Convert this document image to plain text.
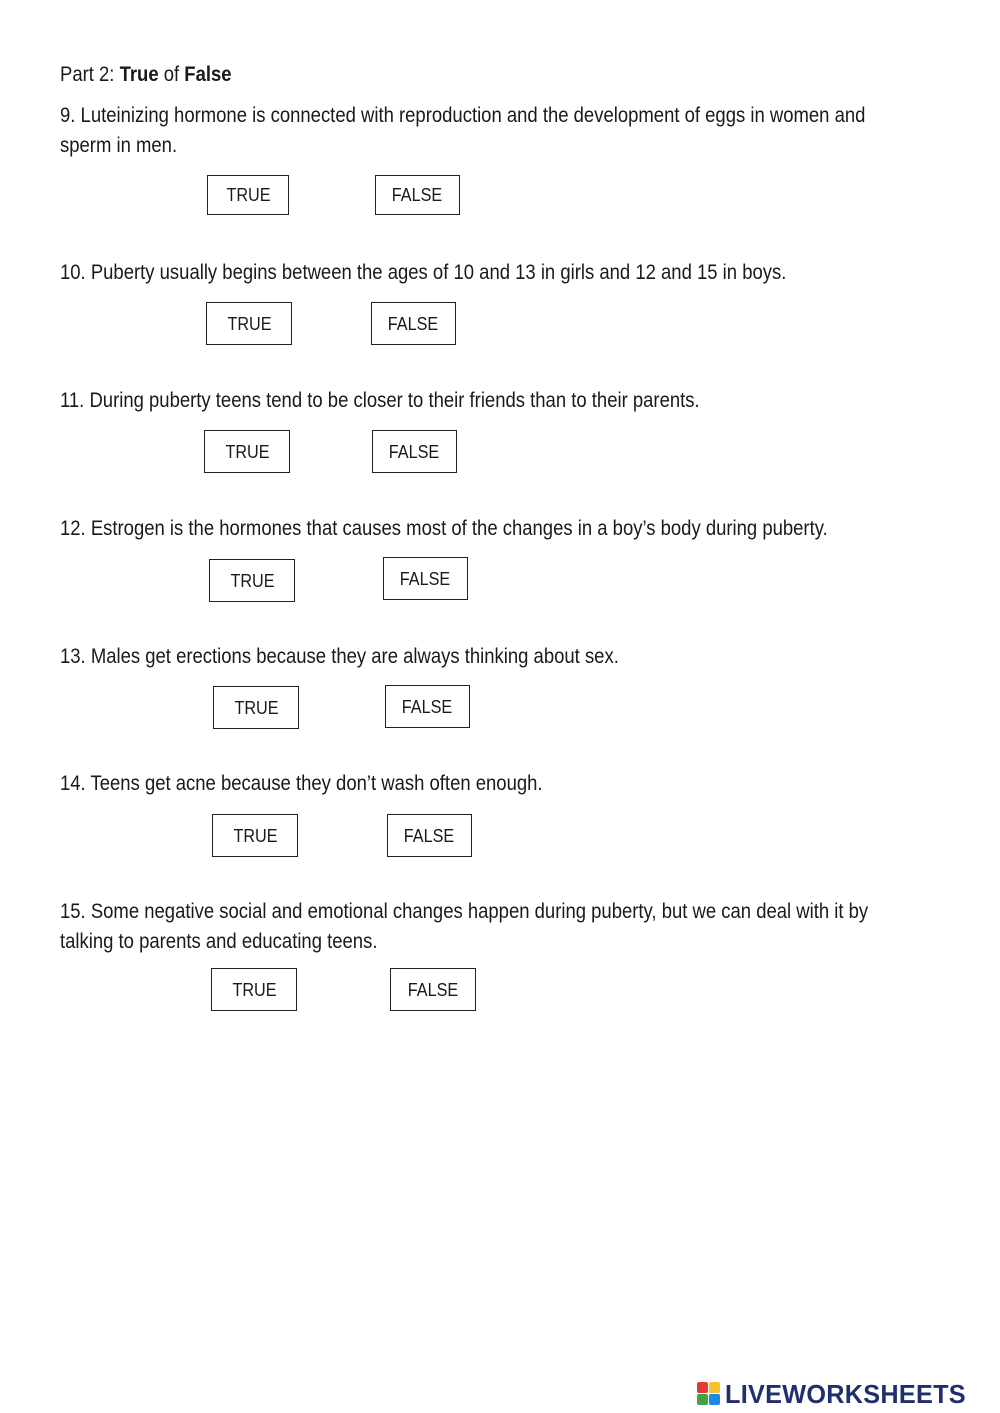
Part 2: True of False
9. Luteinizing hormone is connected with reproduction and the development of eggs in women and sperm in men.
TRUE	FALSE
10. Puberty usually begins between the ages of 10 and 13 in girls and 12 and 15 in boys.
TRUE	FALSE
11. During puberty teens tend to be closer to their friends than to their parents.
TRUE	FALSE
12. Estrogen is the hormones that causes most of the changes in a boy’s body during puberty.
TRUE	FALSE
13. Males get erections because they are always thinking about sex.
TRUE	FALSE
14. Teens get acne because they don’t wash often enough.
TRUE	FALSE
15. Some negative social and emotional changes happen during puberty, but we can deal with it by talking to parents and educating teens.
TRUE	FALSE
LIVEWORKSHEETS
